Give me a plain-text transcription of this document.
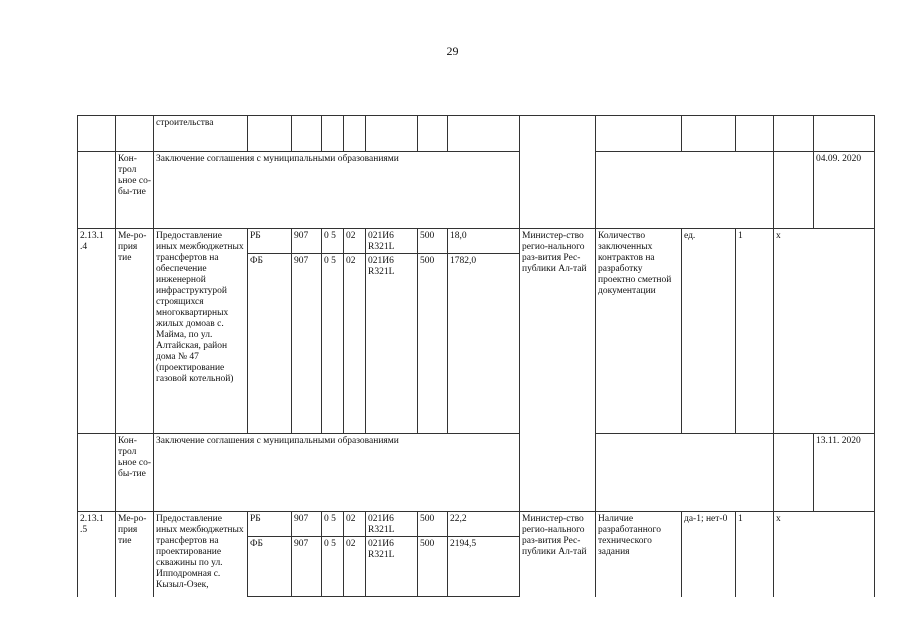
29
		строительства													
	Кон-трол ьное со-бы-тие	Заключение соглашения с муниципальными образованиями													04.09. 2020
2.13.1 .4	Ме-ро-прия тие	Предоставление иных межбюджетных трансфертов на обеспечение инженерной инфраструктурой строящихся многоквартирных жилых домоав с. Майма, по ул. Алтайская, район дома № 47 (проектирование газовой котельной)	РБ	907	0 5	02	021И6 R321L	500	18,0	Министер-ство регио-нального раз-вития Рес-публики Ал-тай	Количество заключенных контрактов на разработку проектно сметной документации	ед.	1	х	
			ФБ	907	0 5	02	021И6 R321L	500	1782,0						
	Кон-трол ьное со-бы-тие	Заключение соглашения с муниципальными образованиями													13.11. 2020
2.13.1 .5	Ме-ро-прия тие	Предоставление иных межбюджетных трансфертов на проектирование скважины по ул. Ипподромная с. Кызыл-Озек,	РБ	907	0 5	02	021И6 R321L	500	22,2	Министер-ство регио-нального раз-вития Рес-публики Ал-тай	Наличие разработанного технического задания	да-1; нет-0	1	х	
			ФБ	907	0 5	02	021И6 R321L	500	2194,5						
